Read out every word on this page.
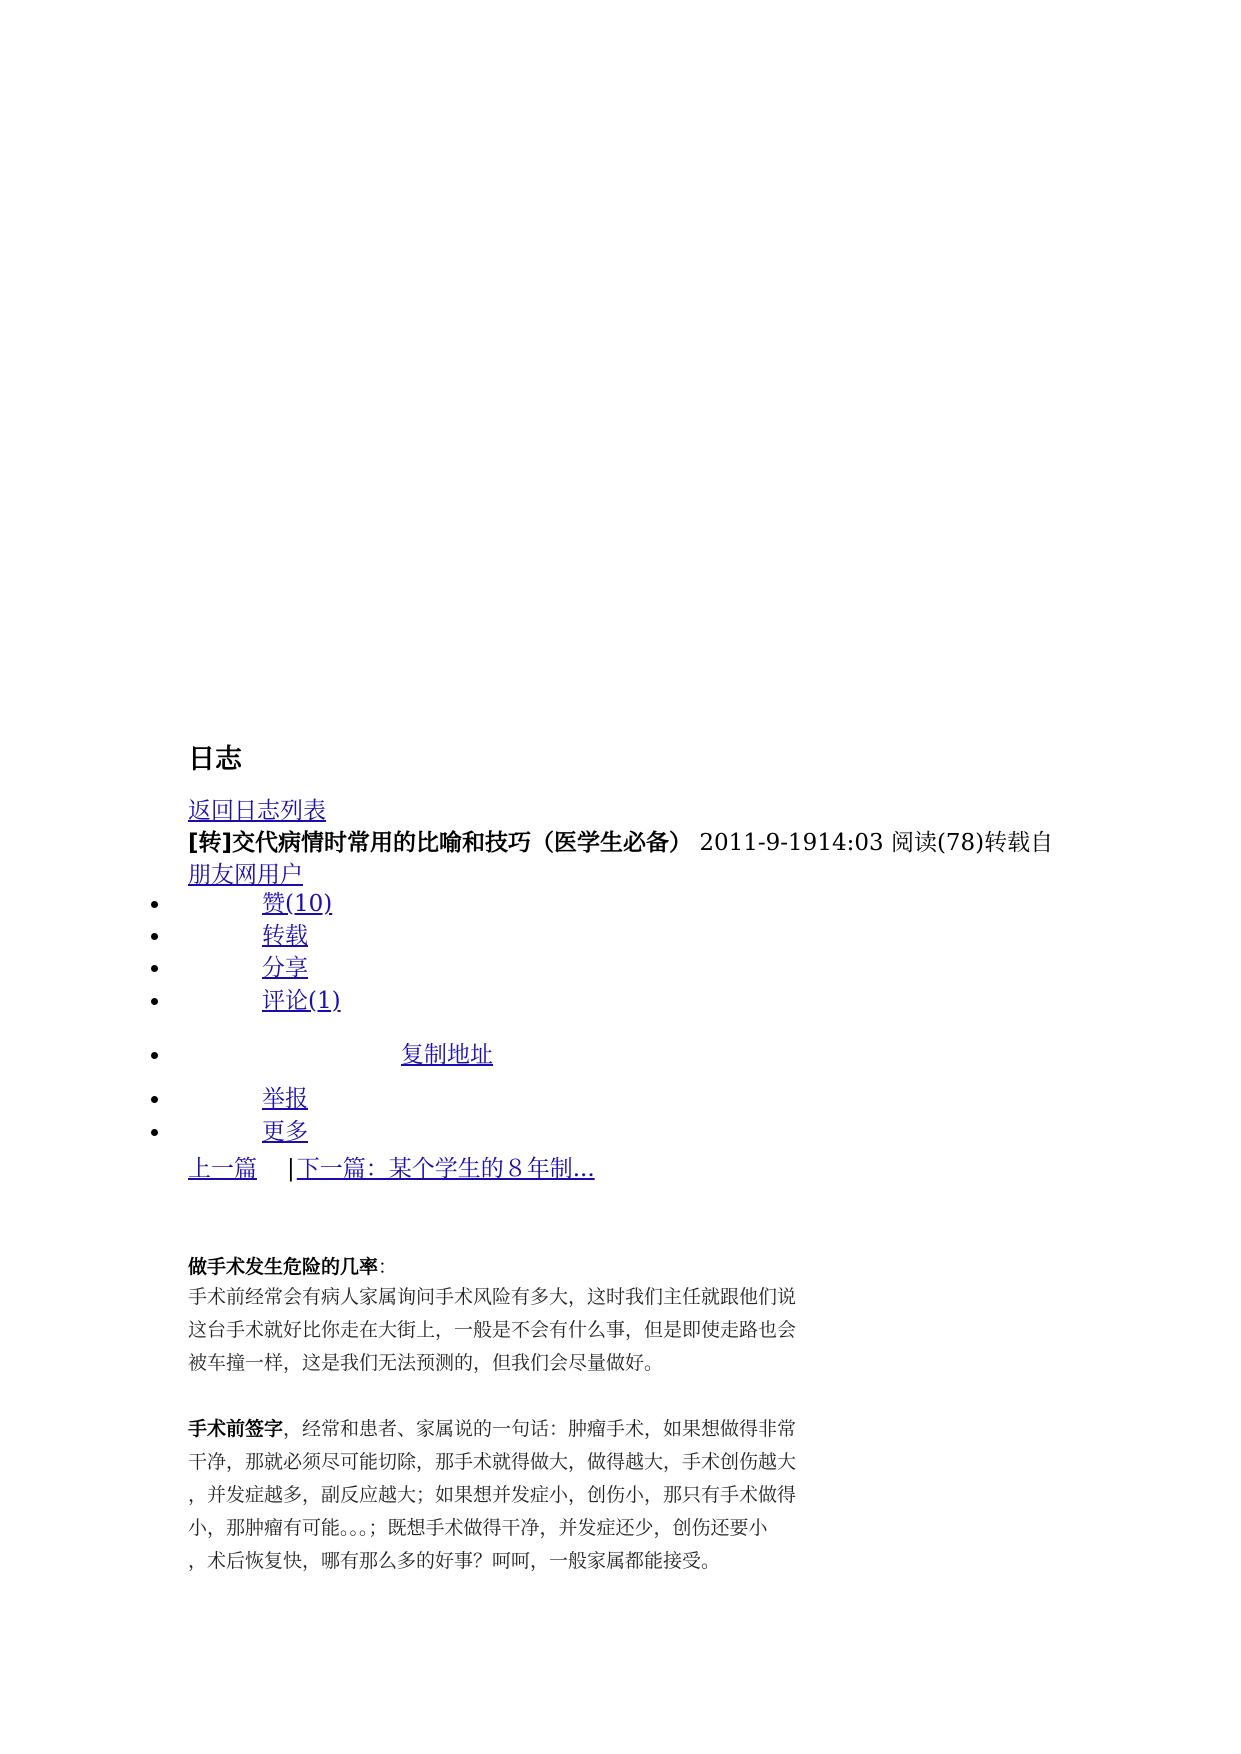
日志
返回日志列表
[转]交代病情时常用的比喻和技巧（医学生必备） 2011-9-1914:03 阅读(78)转载自朋友网用户
赞(10)
转载
分享
评论(1)
复制地址
举报
更多
上一篇 |下一篇：某个学生的８年制...
做手术发生危险的几率：
手术前经常会有病人家属询问手术风险有多大，这时我们主任就跟他们说
这台手术就好比你走在大街上，一般是不会有什么事，但是即使走路也会
被车撞一样，这是我们无法预测的，但我们会尽量做好。
手术前签字，经常和患者、家属说的一句话：肿瘤手术，如果想做得非常
干净，那就必须尽可能切除，那手术就得做大，做得越大，手术创伤越大
，并发症越多，副反应越大；如果想并发症小，创伤小，那只有手术做得
小，那肿瘤有可能。。。；既想手术做得干净，并发症还少，创伤还要小
，术后恢复快，哪有那么多的好事？呵呵，一般家属都能接受。
